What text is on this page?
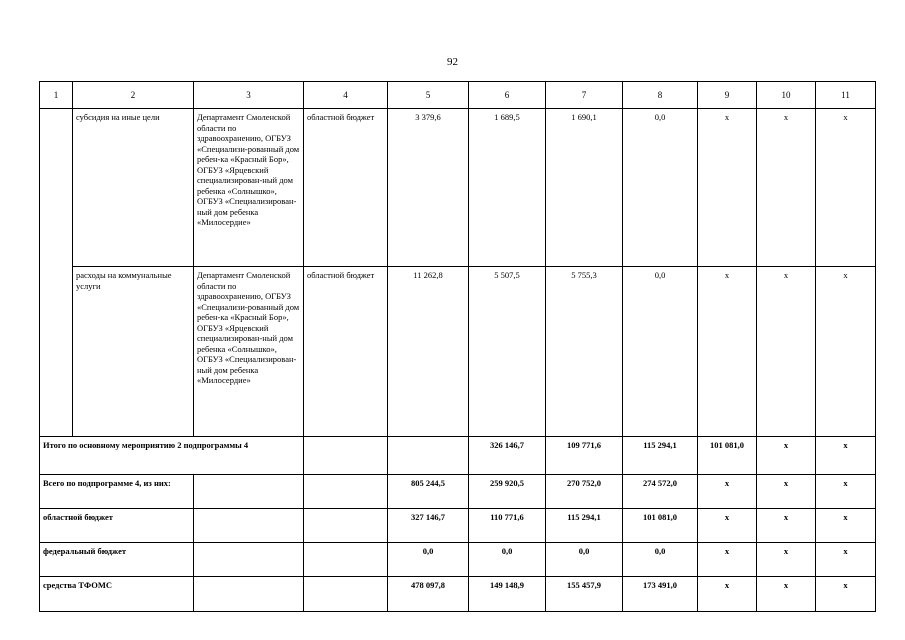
92
1	2	3	4	5	6	7	8	9	10	11	
	субсидия на иные цели	Департамент Смоленской области по здравоохранению, ОГБУЗ «Специализи-рованный дом ребен-ка «Красный Бор», ОГБУЗ «Ярцевский специализирован-ный дом ребенка «Солнышко», ОГБУЗ «Специализирован-ный дом ребенка «Милосердие»	областной бюджет	3 379,6	1 689,5	1 690,1	0,0	x	x	x	
	расходы на коммунальные услуги	Департамент Смоленской области по здравоохранению, ОГБУЗ «Специализи-рованный дом ребен-ка «Красный Бор», ОГБУЗ «Ярцевский специализирован-ный дом ребенка «Солнышко», ОГБУЗ «Специализирован-ный дом ребенка «Милосердие»	областной бюджет	11 262,8	5 507,5	5 755,3	0,0	x	x	x	
Итого по основному мероприятию 2 подпрограммы 4					326 146,7	109 771,6	115 294,1	101 081,0	x	x	
Всего по подпрограмме 4, из них:				805 244,5	259 920,5	270 752,0	274 572,0	x	x	x	
областной бюджет				327 146,7	110 771,6	115 294,1	101 081,0	x	x	x	
федеральный бюджет				0,0	0,0	0,0	0,0	x	x	x	
средства ТФОМС				478 097,8	149 148,9	155 457,9	173 491,0	x	x	x	
